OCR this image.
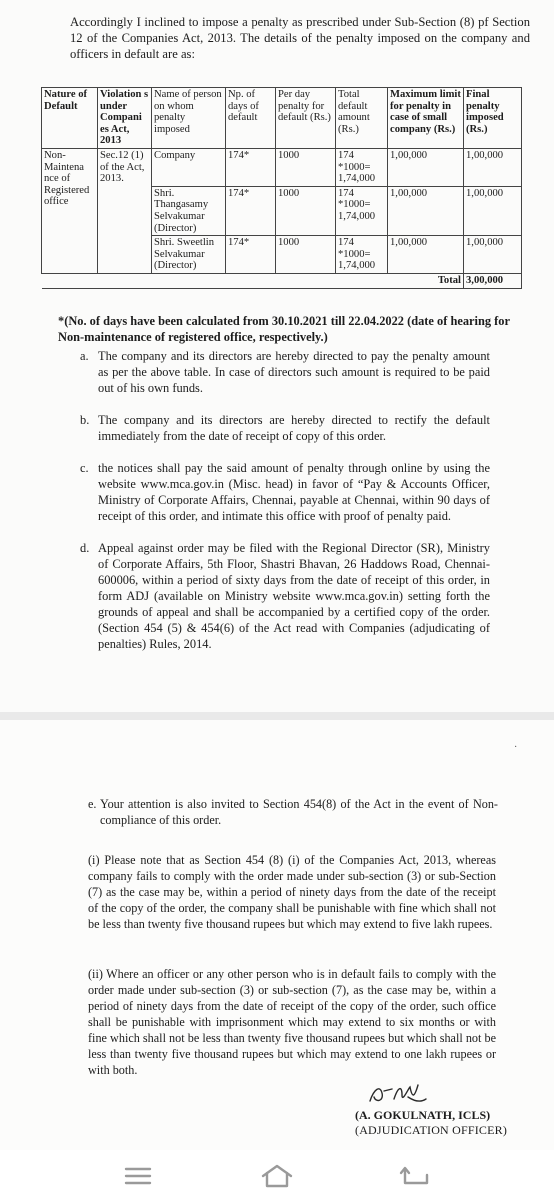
Accordingly I inclined to impose a penalty as prescribed under Sub-Section (8) pf Section 12 of the Companies Act, 2013. The details of the penalty imposed on the company and officers in default are as:

Nature of Default	Violation s under Compani es Act, 2013	Name of person on whom penalty imposed	Np. of days of default	Per day penalty for default (Rs.)	Total default amount (Rs.)	Maximum limit for penalty in case of small company (Rs.)	Final penalty imposed (Rs.)
Non-Maintena nce of Registered office	Sec.12 (1) of the Act, 2013.	Company	174*	1000	174 *1000= 1,74,000	1,00,000	1,00,000
		Shri. Thangasamy Selvakumar (Director)	174*	1000	174 *1000= 1,74,000	1,00,000	1,00,000
		Shri. Sweetlin Selvakumar (Director)	174*	1000	174 *1000= 1,74,000	1,00,000	1,00,000
Total							3,00,000

*(No. of days have been calculated from 30.10.2021 till 22.04.2022 (date of hearing for Non-maintenance of registered office, respectively.)

a. The company and its directors are hereby directed to pay the penalty amount as per the above table. In case of directors such amount is required to be paid out of his own funds.
b. The company and its directors are hereby directed to rectify the default immediately from the date of receipt of copy of this order.
c. the notices shall pay the said amount of penalty through online by using the website www.mca.gov.in (Misc. head) in favor of “Pay & Accounts Officer, Ministry of Corporate Affairs, Chennai, payable at Chennai, within 90 days of receipt of this order, and intimate this office with proof of penalty paid.
d. Appeal against order may be filed with the Regional Director (SR), Ministry of Corporate Affairs, 5th Floor, Shastri Bhavan, 26 Haddows Road, Chennai-600006, within a period of sixty days from the date of receipt of this order, in form ADJ (available on Ministry website www.mca.gov.in) setting forth the grounds of appeal and shall be accompanied by a certified copy of the order. (Section 454 (5) & 454(6) of the Act read with Companies (adjudicating of penalties) Rules, 2014.
·
e. Your attention is also invited to Section 454(8) of the Act in the event of Non-compliance of this order.

(i) Please note that as Section 454 (8) (i) of the Companies Act, 2013, whereas company fails to comply with the order made under sub-section (3) or sub-Section (7) as the case may be, within a period of ninety days from the date of the receipt of the copy of the order, the company shall be punishable with fine which shall not be less than twenty five thousand rupees but which may extend to five lakh rupees.

(ii) Where an officer or any other person who is in default fails to comply with the order made under sub-section (3) or sub-section (7), as the case may be, within a period of ninety days from the date of receipt of the copy of the order, such office shall be punishable with imprisonment which may extend to six months or with fine which shall not be less than twenty five thousand rupees but which shall not be less than twenty five thousand rupees but which may extend to one lakh rupees or with both.

(A. GOKULNATH, ICLS)
(ADJUDICATION OFFICER)
